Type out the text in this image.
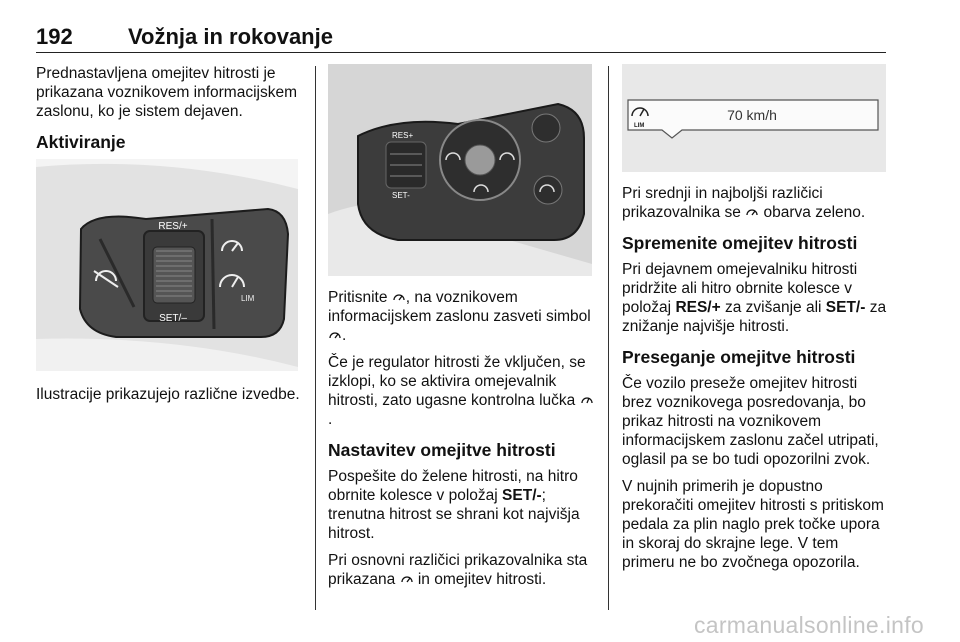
192	Vožnja in rokovanje

Prednastavljena omejitev hitrosti je prikazana voznikovem informacijskem zaslonu, ko je sistem dejaven.

Aktiviranje
RES/+
SET/–
LIM

Ilustracije prikazujejo različne izvedbe.

RES+
SET-

Pritisnite , na voznikovem informacijskem zaslonu zasveti simbol .

Če je regulator hitrosti že vključen, se izklopi, ko se aktivira omejevalnik hitrosti, zato ugasne kontrolna lučka .

Nastavitev omejitve hitrosti

Pospešite do želene hitrosti, na hitro obrnite kolesce v položaj SET/-; trenutna hitrost se shrani kot najvišja hitrost.

Pri osnovni različici prikazovalnika sta prikazana  in omejitev hitrosti.

LIM
70 km/h

Pri srednji in najboljši različici prikazovalnika se  obarva zeleno.

Spremenite omejitev hitrosti

Pri dejavnem omejevalniku hitrosti pridržite ali hitro obrnite kolesce v položaj RES/+ za zvišanje ali SET/- za znižanje najvišje hitrosti.

Preseganje omejitve hitrosti

Če vozilo preseže omejitev hitrosti brez voznikovega posredovanja, bo prikaz hitrosti na voznikovem informacijskem zaslonu začel utripati, oglasil pa se bo tudi opozorilni zvok.

V nujnih primerih je dopustno prekoračiti omejitev hitrosti s pritiskom pedala za plin naglo prek točke upora in skoraj do skrajne lege. V tem primeru ne bo zvočnega opozorila.

carmanualsonline.info
